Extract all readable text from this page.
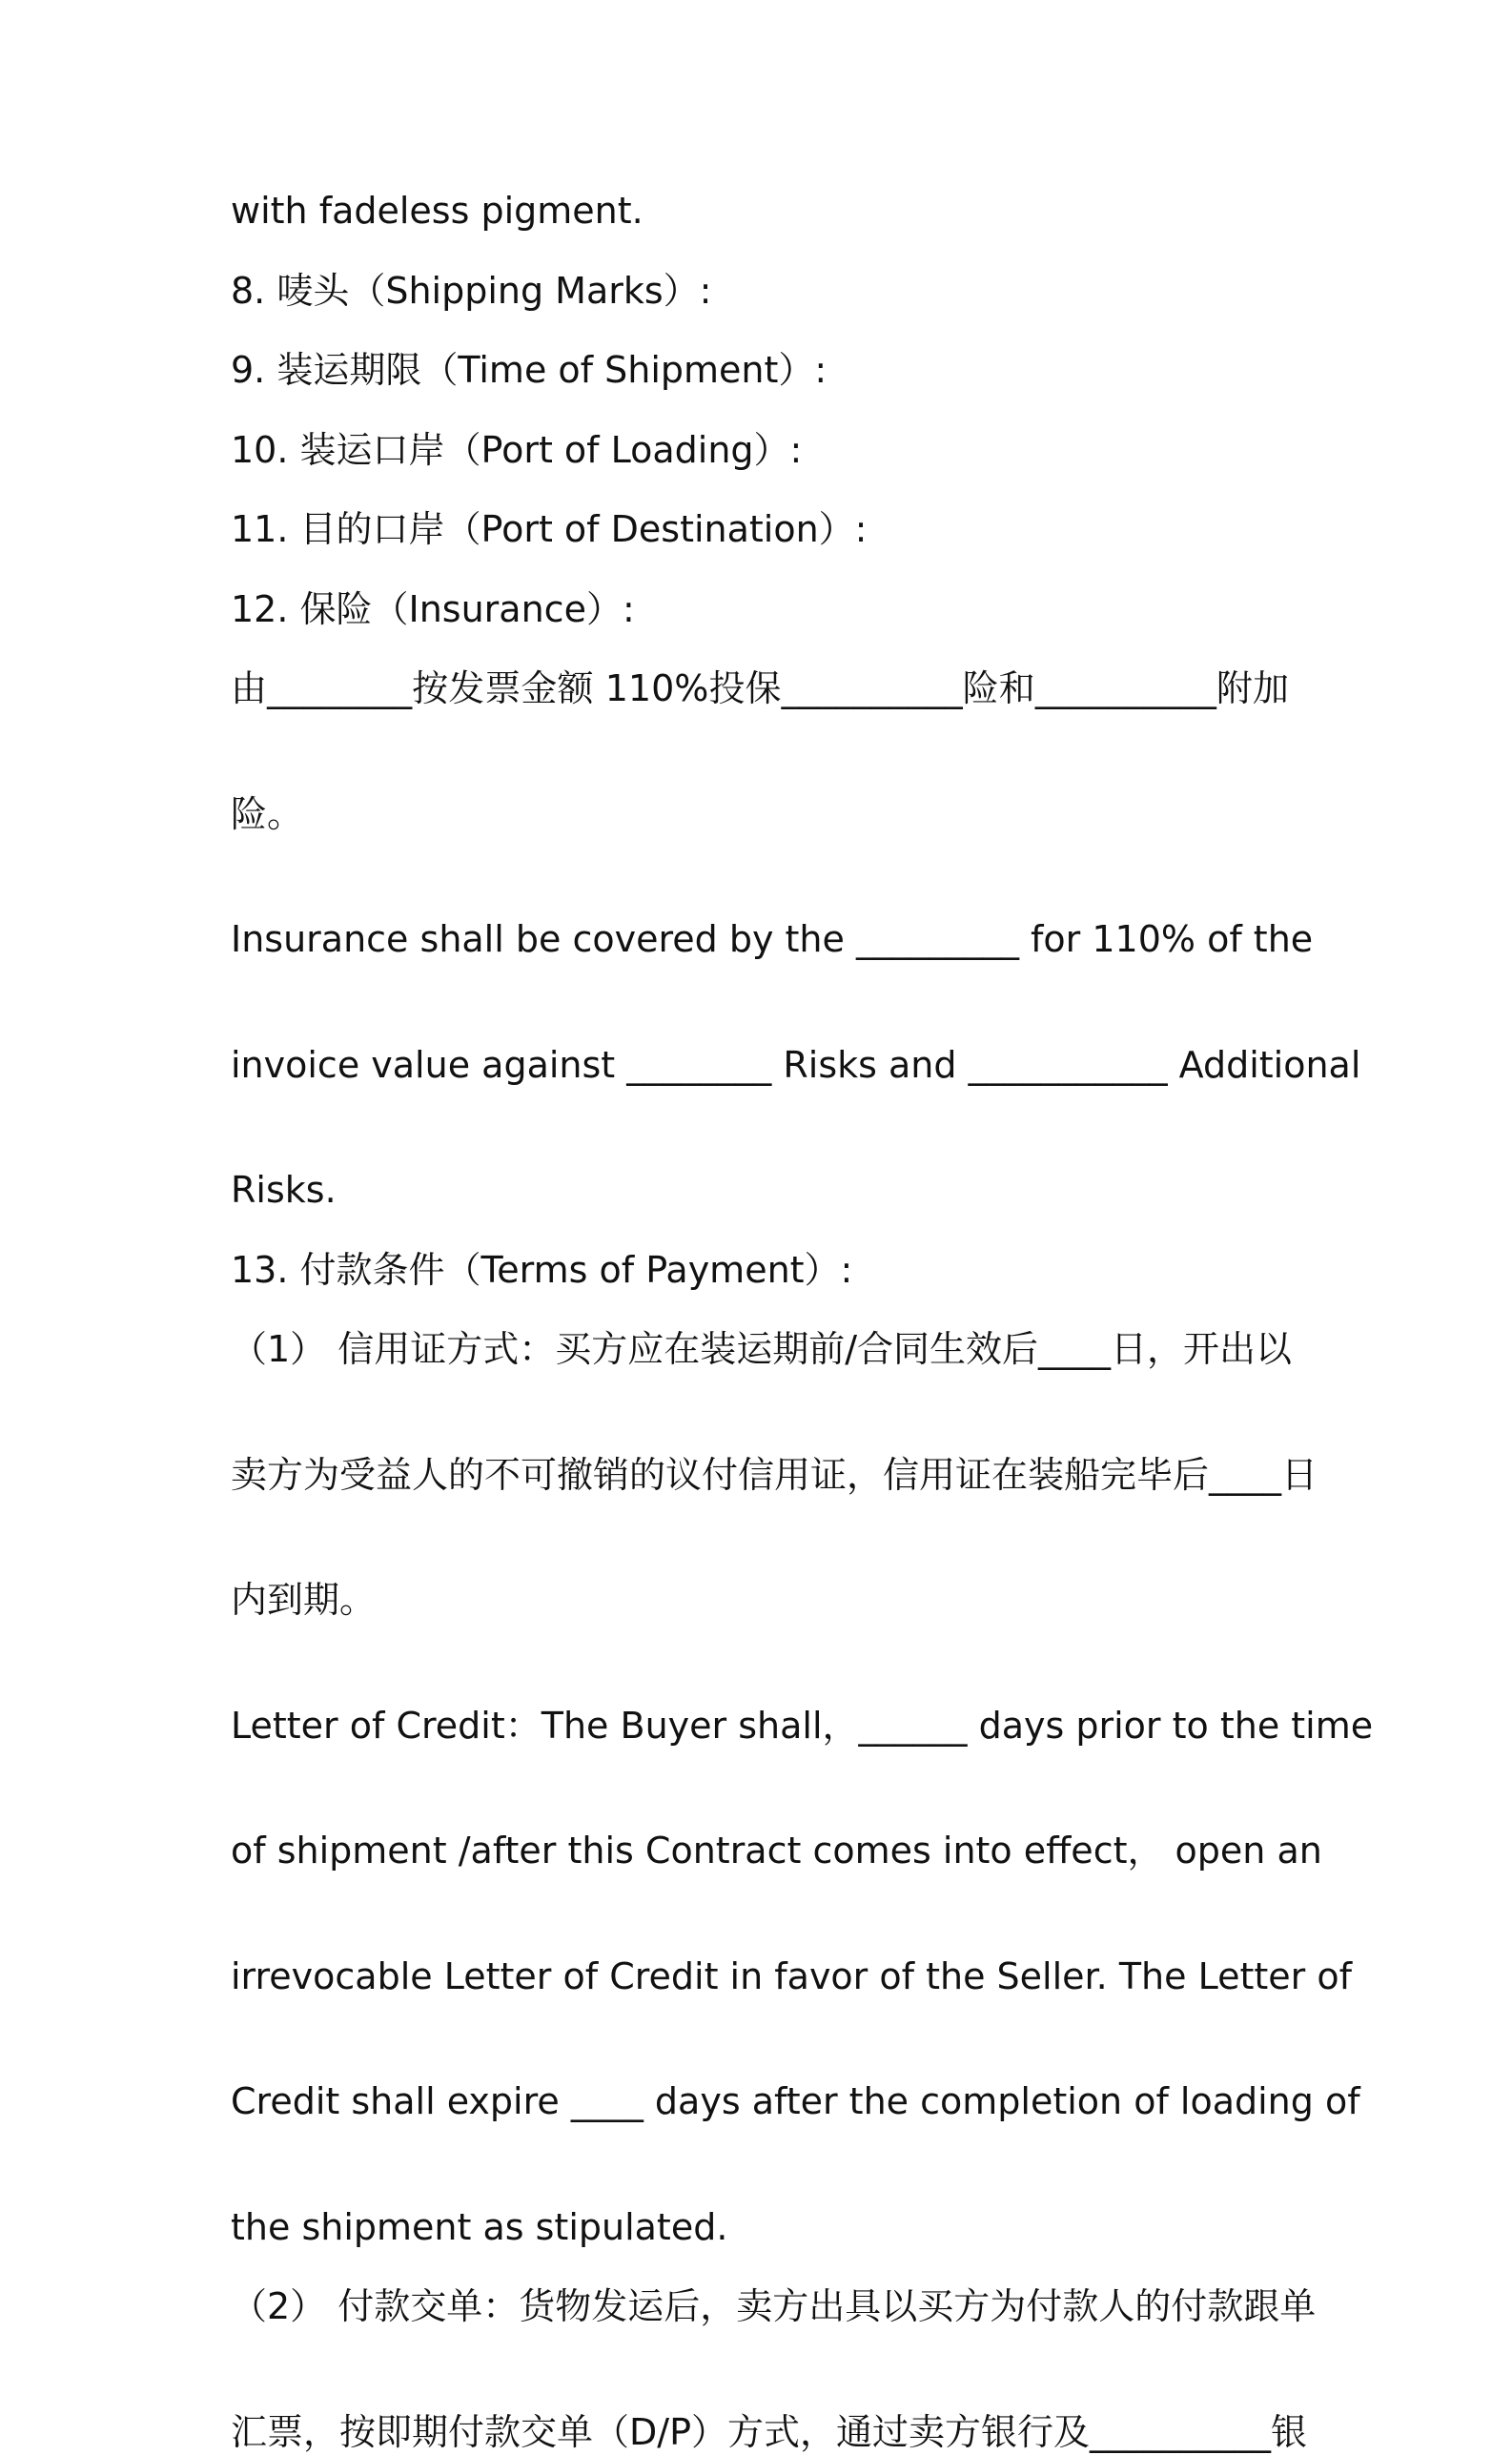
with fadeless pigment.

8. 唛头（Shipping Marks）:

9. 装运期限（Time of Shipment）:

10. 装运口岸（Port of Loading）:

11. 目的口岸（Port of Destination）:

12. 保险（Insurance）:

由________按发票金额 110%投保__________险和__________附加

险。

Insurance shall be covered by the _________ for 110% of the

invoice value against ________ Risks and ___________ Additional

Risks.

13. 付款条件（Terms of Payment）:

（1） 信用证方式：买方应在装运期前/合同生效后____日，开出以

卖方为受益人的不可撤销的议付信用证，信用证在装船完毕后____日

内到期。

Letter of Credit：The Buyer shall，______ days prior to the time

of shipment /after this Contract comes into effect， open an

irrevocable Letter of Credit in favor of the Seller. The Letter of

Credit shall expire ____ days after the completion of loading of

the shipment as stipulated.

（2） 付款交单：货物发运后，卖方出具以买方为付款人的付款跟单

汇票，按即期付款交单（D/P）方式，通过卖方银行及__________银
